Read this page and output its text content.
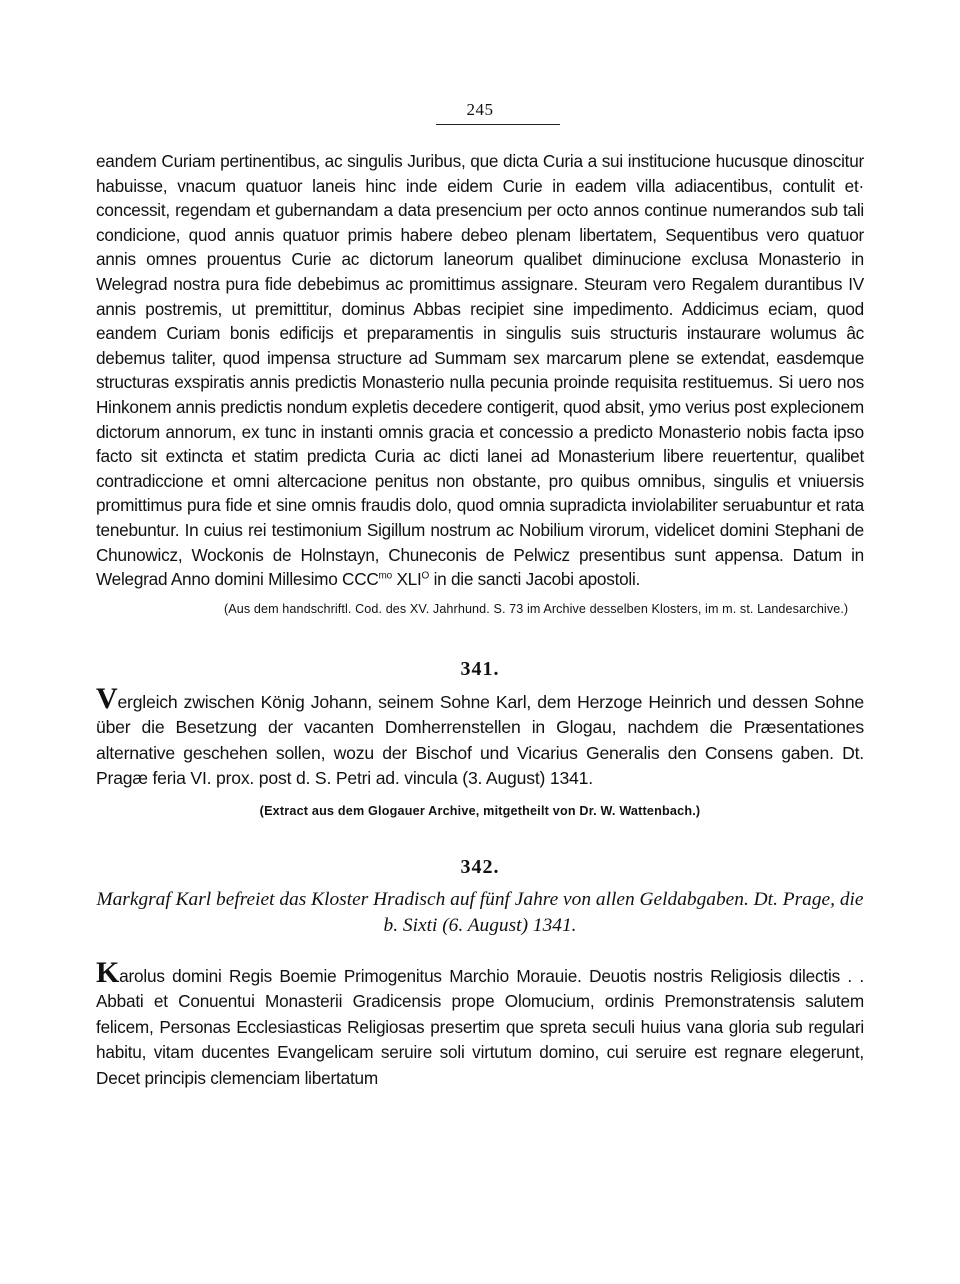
245

eandem Curiam pertinentibus, ac singulis Juribus, que dicta Curia a sui institucione hucusque dinoscitur habuisse, vnacum quatuor laneis hinc inde eidem Curie in eadem villa adiacentibus, contulit et· concessit, regendam et gubernandam a data presencium per octo annos continue numerandos sub tali condicione, quod annis quatuor primis habere debeo plenam libertatem, Sequentibus vero quatuor annis omnes prouentus Curie ac dictorum laneorum qualibet diminucione exclusa Monasterio in Welegrad nostra pura fide debebimus ac promittimus assignare. Steuram vero Regalem durantibus IV annis postremis, ut premittitur, dominus Abbas recipiet sine impedimento. Addicimus eciam, quod eandem Curiam bonis edificijs et preparamentis in singulis suis structuris instaurare wolumus âc debemus taliter, quod impensa structure ad Summam sex marcarum plene se extendat, easdemque structuras exspiratis annis predictis Monasterio nulla pecunia proinde requisita restituemus. Si uero nos Hinkonem annis predictis nondum expletis decedere contigerit, quod absit, ymo verius post explecionem dictorum annorum, ex tunc in instanti omnis gracia et concessio a predicto Monasterio nobis facta ipso facto sit extincta et statim predicta Curia ac dicti lanei ad Monasterium libere reuertentur, qualibet contradiccione et omni altercacione penitus non obstante, pro quibus omnibus, singulis et vniuersis promittimus pura fide et sine omnis fraudis dolo, quod omnia supradicta inviolabiliter seruabuntur et rata tenebuntur. In cuius rei testimonium Sigillum nostrum ac Nobilium virorum, videlicet domini Stephani de Chunowicz, Wockonis de Holnstayn, Chuneconis de Pelwicz presentibus sunt appensa. Datum in Welegrad Anno domini Millesimo $CCC^{mo}$ $XLI^O$ in die sancti Jacobi apostoli.

(Aus dem handschriftl. Cod. des XV. Jahrhund. S. 73 im Archive desselben Klosters, im m. st. Landesarchive.)

341.

Vergleich zwischen König Johann, seinem Sohne Karl, dem Herzoge Heinrich und dessen Sohne über die Besetzung der vacanten Domherrenstellen in Glogau, nachdem die Præsentationes alternative geschehen sollen, wozu der Bischof und Vicarius Generalis den Consens gaben. Dt. Pragæ feria VI. prox. post d. S. Petri ad. vincula (3. August) 1341.

(Extract aus dem Glogauer Archive, mitgetheilt von Dr. W. Wattenbach.)

342.

Markgraf Karl befreiet das Kloster Hradisch auf fünf Jahre von allen Geldabgaben. Dt. Prage, die b. Sixti (6. August) 1341.

Karolus domini Regis Boemie Primogenitus Marchio Morauie. Deuotis nostris Religiosis dilectis . . Abbati et Conuentui Monasterii Gradicensis prope Olomucium, ordinis Premonstratensis salutem felicem, Personas Ecclesiasticas Religiosas presertim que spreta seculi huius vana gloria sub regulari habitu, vitam ducentes Evangelicam seruire soli virtutum domino, cui seruire est regnare elegerunt, Decet principis clemenciam libertatum
